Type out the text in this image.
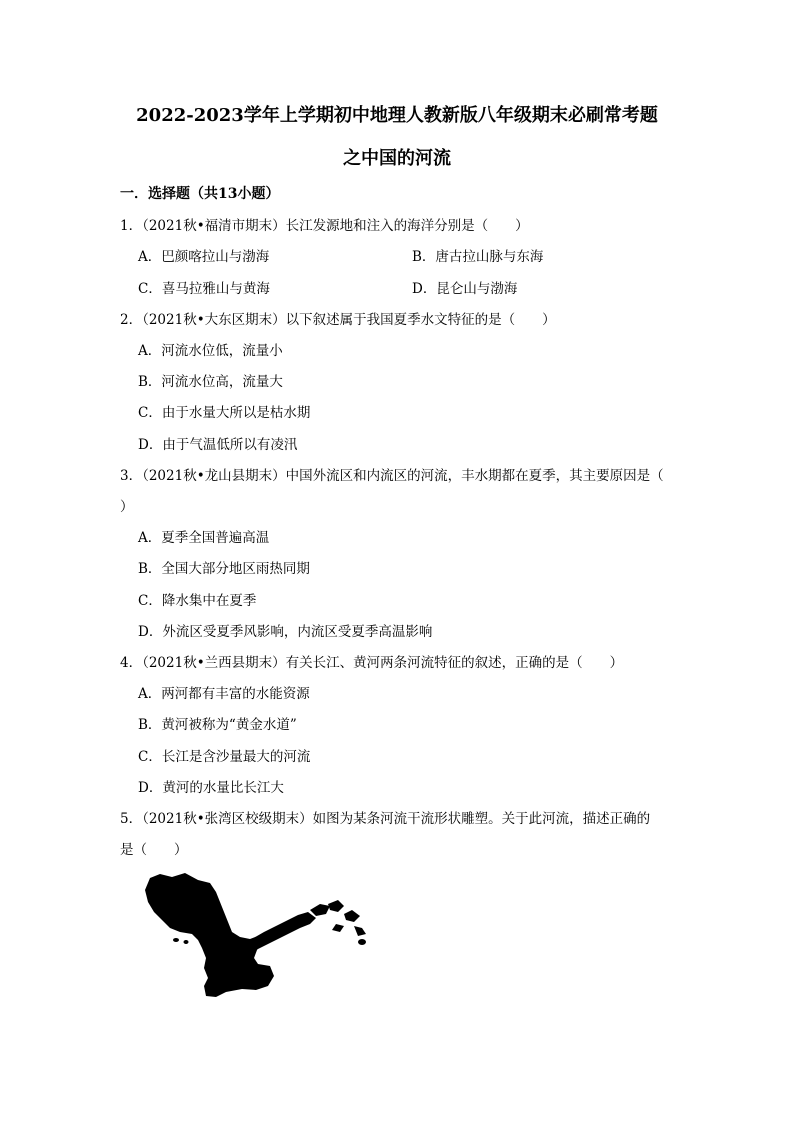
2022-2023学年上学期初中地理人教新版八年级期末必刷常考题
之中国的河流
一．选择题（共13小题）
1．（2021秋•福清市期末）长江发源地和注入的海洋分别是（　　）
A．巴颜喀拉山与渤海	B．唐古拉山脉与东海
C．喜马拉雅山与黄海	D．昆仑山与渤海
2．（2021秋•大东区期末）以下叙述属于我国夏季水文特征的是（　　）
A．河流水位低，流量小
B．河流水位高，流量大
C．由于水量大所以是枯水期
D．由于气温低所以有凌汛
3．（2021秋•龙山县期末）中国外流区和内流区的河流，丰水期都在夏季，其主要原因是（
）
A．夏季全国普遍高温
B．全国大部分地区雨热同期
C．降水集中在夏季
D．外流区受夏季风影响，内流区受夏季高温影响
4．（2021秋•兰西县期末）有关长江、黄河两条河流特征的叙述，正确的是（　　）
A．两河都有丰富的水能资源
B．黄河被称为“黄金水道”
C．长江是含沙量最大的河流
D．黄河的水量比长江大
5．（2021秋•张湾区校级期末）如图为某条河流干流形状雕塑。关于此河流，描述正确的
是（　　）
